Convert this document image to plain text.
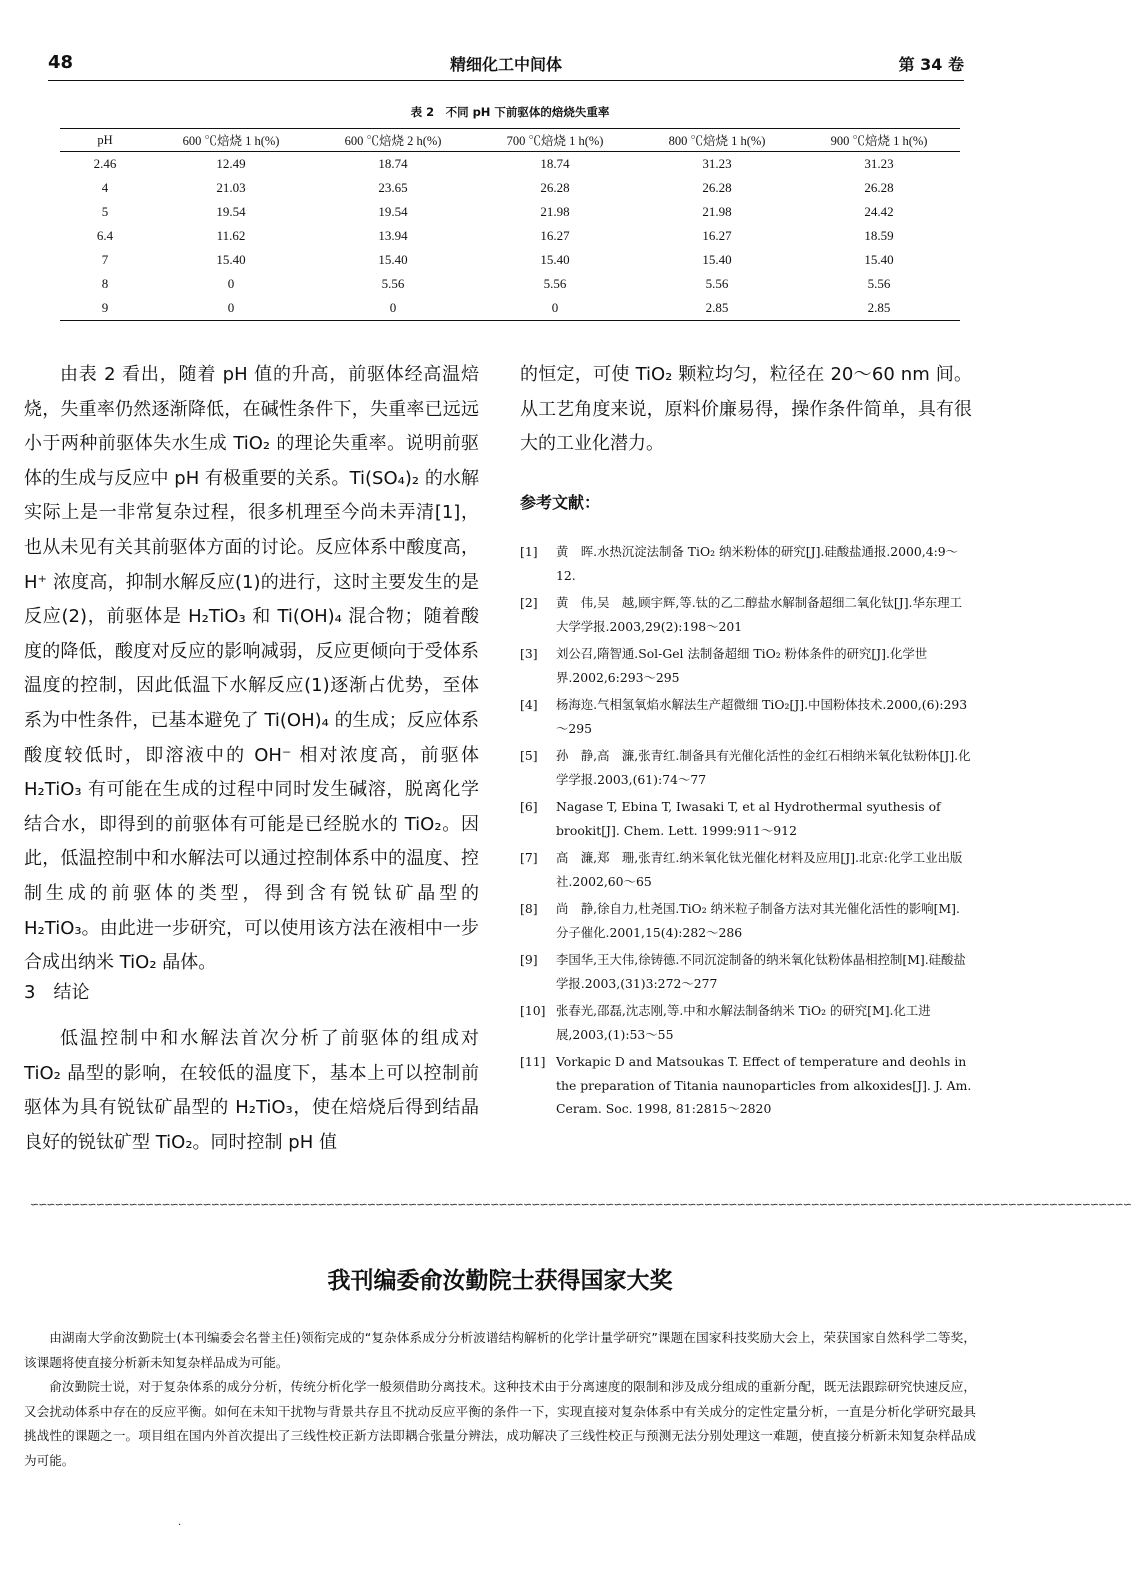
48	精细化工中间体	第 34 卷
表 2　不同 pH 下前驱体的焙烧失重率
pH	600 ℃焙烧 1 h(%)	600 ℃焙烧 2 h(%)	700 ℃焙烧 1 h(%)	800 ℃焙烧 1 h(%)	900 ℃焙烧 1 h(%)
2.46	12.49	18.74	18.74	31.23	31.23
4	21.03	23.65	26.28	26.28	26.28
5	19.54	19.54	21.98	21.98	24.42
6.4	11.62	13.94	16.27	16.27	18.59
7	15.40	15.40	15.40	15.40	15.40
8	0	5.56	5.56	5.56	5.56
9	0	0	0	2.85	2.85

由表 2 看出，随着 pH 值的升高，前驱体经高温焙烧，失重率仍然逐渐降低，在碱性条件下，失重率已远远小于两种前驱体失水生成 TiO₂ 的理论失重率。说明前驱体的生成与反应中 pH 有极重要的关系。Ti(SO₄)₂ 的水解实际上是一非常复杂过程，很多机理至今尚未弄清[1]，也从未见有关其前驱体方面的讨论。反应体系中酸度高，H⁺ 浓度高，抑制水解反应(1)的进行，这时主要发生的是反应(2)，前驱体是 H₂TiO₃ 和 Ti(OH)₄ 混合物；随着酸度的降低，酸度对反应的影响减弱，反应更倾向于受体系温度的控制，因此低温下水解反应(1)逐渐占优势，至体系为中性条件，已基本避免了 Ti(OH)₄ 的生成；反应体系酸度较低时，即溶液中的 OH⁻ 相对浓度高，前驱体 H₂TiO₃ 有可能在生成的过程中同时发生碱溶，脱离化学结合水，即得到的前驱体有可能是已经脱水的 TiO₂。因此，低温控制中和水解法可以通过控制体系中的温度、控制生成的前驱体的类型，得到含有锐钛矿晶型的 H₂TiO₃。由此进一步研究，可以使用该方法在液相中一步合成出纳米 TiO₂ 晶体。

3　结论

低温控制中和水解法首次分析了前驱体的组成对 TiO₂ 晶型的影响，在较低的温度下，基本上可以控制前驱体为具有锐钛矿晶型的 H₂TiO₃，使在焙烧后得到结晶良好的锐钛矿型 TiO₂。同时控制 pH 值

的恒定，可使 TiO₂ 颗粒均匀，粒径在 20～60 nm 间。从工艺角度来说，原料价廉易得，操作条件简单，具有很大的工业化潜力。
参考文献：
[1] 黄　晖.水热沉淀法制备 TiO₂ 纳米粉体的研究[J].硅酸盐通报.2000,4:9～12.
[2] 黄　伟,吴　越,顾宇辉,等.钛的乙二醇盐水解制备超细二氧化钛[J].华东理工大学学报.2003,29(2):198～201
[3] 刘公召,隋智通.Sol-Gel 法制备超细 TiO₂ 粉体条件的研究[J].化学世界.2002,6:293～295
[4] 杨海迩.气相氢氧焰水解法生产超微细 TiO₂[J].中国粉体技术.2000,(6):293～295
[5] 孙　静,高　濂,张青红.制备具有光催化活性的金红石相纳米氧化钛粉体[J].化学学报.2003,(61):74～77
[6] Nagase T, Ebina T, Iwasaki T, et al Hydrothermal syuthesis of brookit[J]. Chem. Lett. 1999:911～912
[7] 高　濂,郑　珊,张青红.纳米氧化钛光催化材料及应用[J].北京:化学工业出版社.2002,60～65
[8] 尚　静,徐自力,杜尧国.TiO₂ 纳米粒子制备方法对其光催化活性的影响[M].分子催化.2001,15(4):282～286
[9] 李国华,王大伟,徐铸德.不同沉淀制备的纳米氧化钛粉体晶相控制[M].硅酸盐学报.2003,(31)3:272～277
[10] 张春光,邵磊,沈志刚,等.中和水解法制备纳米 TiO₂ 的研究[M].化工进展,2003,(1):53～55
[11] Vorkapic D and Matsoukas T. Effect of temperature and deohls in the preparation of Titania naunoparticles from alkoxides[J]. J. Am. Ceram. Soc. 1998, 81:2815～2820
∽∽∽∽∽∽∽∽∽∽∽∽∽∽∽∽∽∽∽∽∽∽∽∽∽∽∽∽∽∽∽∽∽∽∽∽∽∽∽∽∽∽∽∽∽∽∽∽∽∽∽∽∽∽∽∽∽∽∽∽∽∽∽∽∽∽∽∽∽∽∽∽∽∽∽∽∽∽∽∽∽∽∽∽∽∽∽∽∽∽∽∽∽∽∽∽∽∽∽∽∽∽∽∽∽∽∽∽∽∽∽∽∽∽∽∽∽∽∽∽∽∽∽∽∽∽∽∽∽∽∽∽∽∽
我刊编委俞汝勤院士获得国家大奖

由湖南大学俞汝勤院士(本刊编委会名誉主任)领衔完成的“复杂体系成分分析波谱结构解析的化学计量学研究”课题在国家科技奖励大会上，荣获国家自然科学二等奖，该课题将使直接分析新未知复杂样品成为可能。

俞汝勤院士说，对于复杂体系的成分分析，传统分析化学一般须借助分离技术。这种技术由于分离速度的限制和涉及成分组成的重新分配，既无法跟踪研究快速反应，又会扰动体系中存在的反应平衡。如何在未知干扰物与背景共存且不扰动反应平衡的条件一下，实现直接对复杂体系中有关成分的定性定量分析，一直是分析化学研究最具挑战性的课题之一。项目组在国内外首次提出了三线性校正新方法即耦合张量分辨法，成功解决了三线性校正与预测无法分别处理这一难题，使直接分析新未知复杂样品成为可能。

·
